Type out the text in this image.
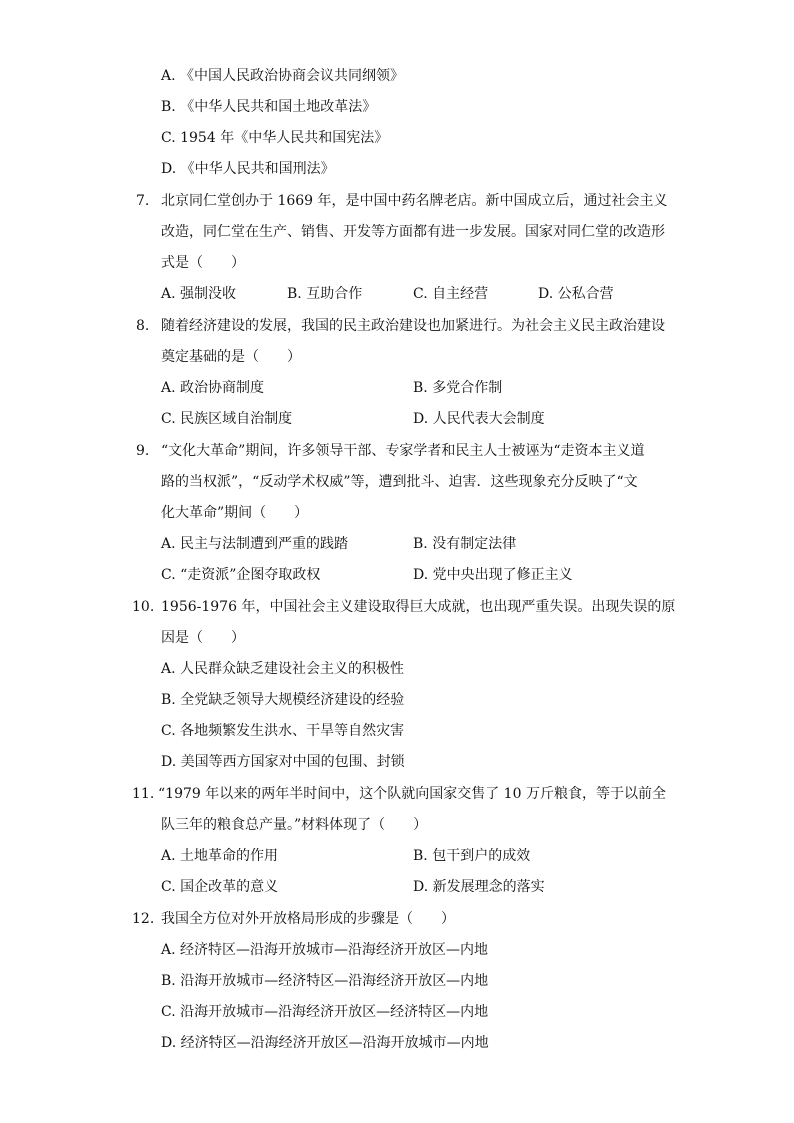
A. 《中国人民政治协商会议共同纲领》
B. 《中华人民共和国土地改革法》
C. 1954 年《中华人民共和国宪法》
D. 《中华人民共和国刑法》
7. 北京同仁堂创办于 1669 年，是中国中药名牌老店。新中国成立后，通过社会主义
改造，同仁堂在生产、销售、开发等方面都有进一步发展。国家对同仁堂的改造形
式是（　　）
A. 强制没收	B. 互助合作	C. 自主经营	D. 公私合营
8. 随着经济建设的发展，我国的民主政治建设也加紧进行。为社会主义民主政治建设
奠定基础的是（　　）
A. 政治协商制度	B. 多党合作制
C. 民族区域自治制度	D. 人民代表大会制度
9. “文化大革命”期间，许多领导干部、专家学者和民主人士被诬为“走资本主义道
路的当权派”，“反动学术权威”等，遭到批斗、迫害．这些现象充分反映了“文
化大革命”期间（　　）
A. 民主与法制遭到严重的践踏	B. 没有制定法律
C. “走资派”企图夺取政权	D. 党中央出现了修正主义
10. 1956-1976 年，中国社会主义建设取得巨大成就，也出现严重失误。出现失误的原
因是（　　）
A. 人民群众缺乏建设社会主义的积极性
B. 全党缺乏领导大规模经济建设的经验
C. 各地频繁发生洪水、干旱等自然灾害
D. 美国等西方国家对中国的包围、封锁
11. “1979 年以来的两年半时间中，这个队就向国家交售了 10 万斤粮食，等于以前全
队三年的粮食总产量。”材料体现了（　　）
A. 土地革命的作用	B. 包干到户的成效
C. 国企改革的意义	D. 新发展理念的落实
12. 我国全方位对外开放格局形成的步骤是（　　）
A. 经济特区—沿海开放城市—沿海经济开放区—内地
B. 沿海开放城市—经济特区—沿海经济开放区—内地
C. 沿海开放城市—沿海经济开放区—经济特区—内地
D. 经济特区—沿海经济开放区—沿海开放城市—内地
